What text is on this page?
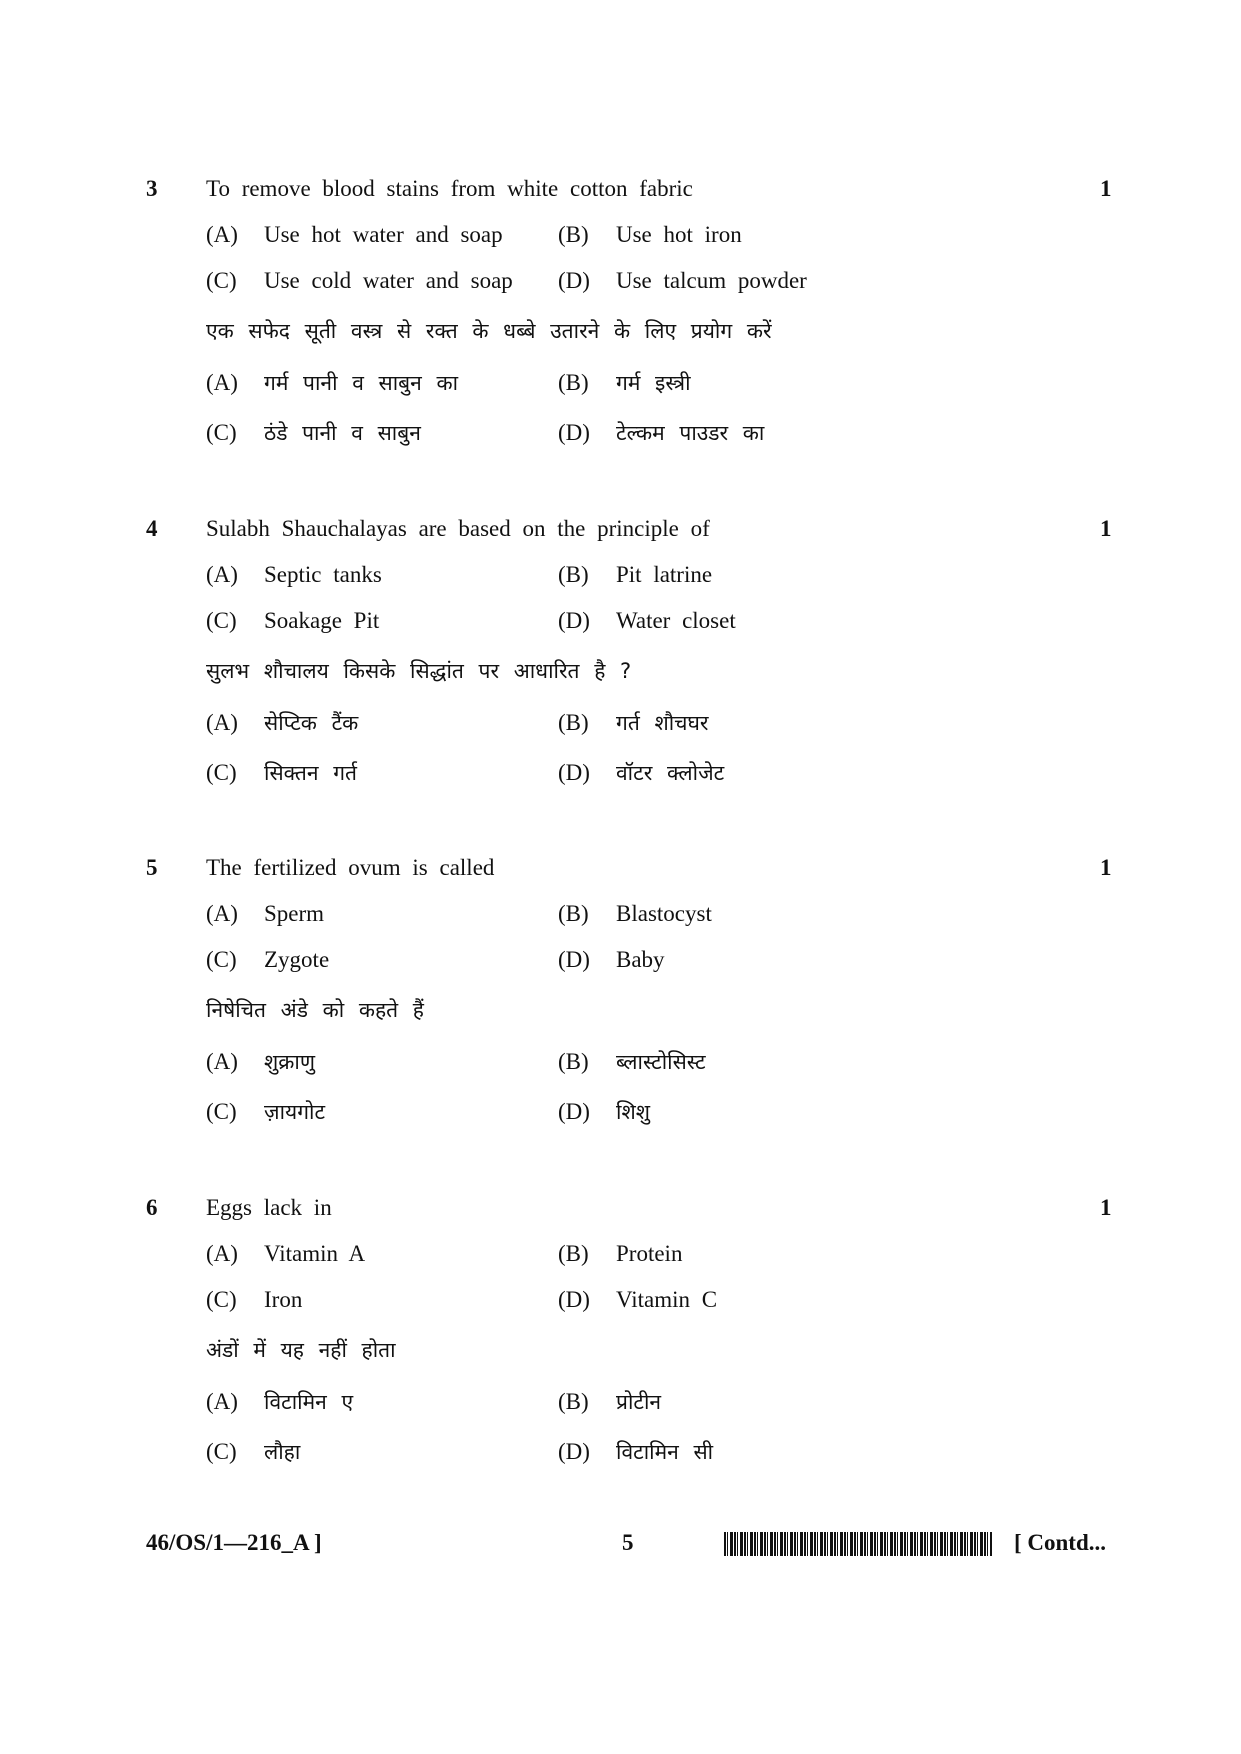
3 To remove blood stains from white cotton fabric	1
(A) Use hot water and soap (B) Use hot iron
(C) Use cold water and soap (D) Use talcum powder
एक सफेद सूती वस्त्र से रक्त के धब्बे उतारने के लिए प्रयोग करें
(A) गर्म पानी व साबुन का	(B) गर्म इस्त्री
(C) ठंडे पानी व साबुन	(D) टेल्कम पाउडर का
4 Sulabh Shauchalayas are based on the principle of	1
(A) Septic tanks	(B) Pit latrine
(C) Soakage Pit	(D) Water closet
सुलभ शौचालय किसके सिद्धांत पर आधारित है ?
(A) सेप्टिक टैंक	(B) गर्त शौचघर
(C) सिक्तन गर्त	(D) वॉटर क्लोजेट
5 The fertilized ovum is called	1
(A) Sperm	(B) Blastocyst
(C) Zygote	(D) Baby
निषेचित अंडे को कहते हैं
(A) शुक्राणु	(B) ब्लास्टोसिस्ट
(C) ज़ायगोट	(D) शिशु
6 Eggs lack in	1
(A) Vitamin A	(B) Protein
(C) Iron	(D) Vitamin C
अंडों में यह नहीं होता
(A) विटामिन ए	(B) प्रोटीन
(C) लौहा	(D) विटामिन सी
46/OS/1—216_A ]	5	[ Contd...
